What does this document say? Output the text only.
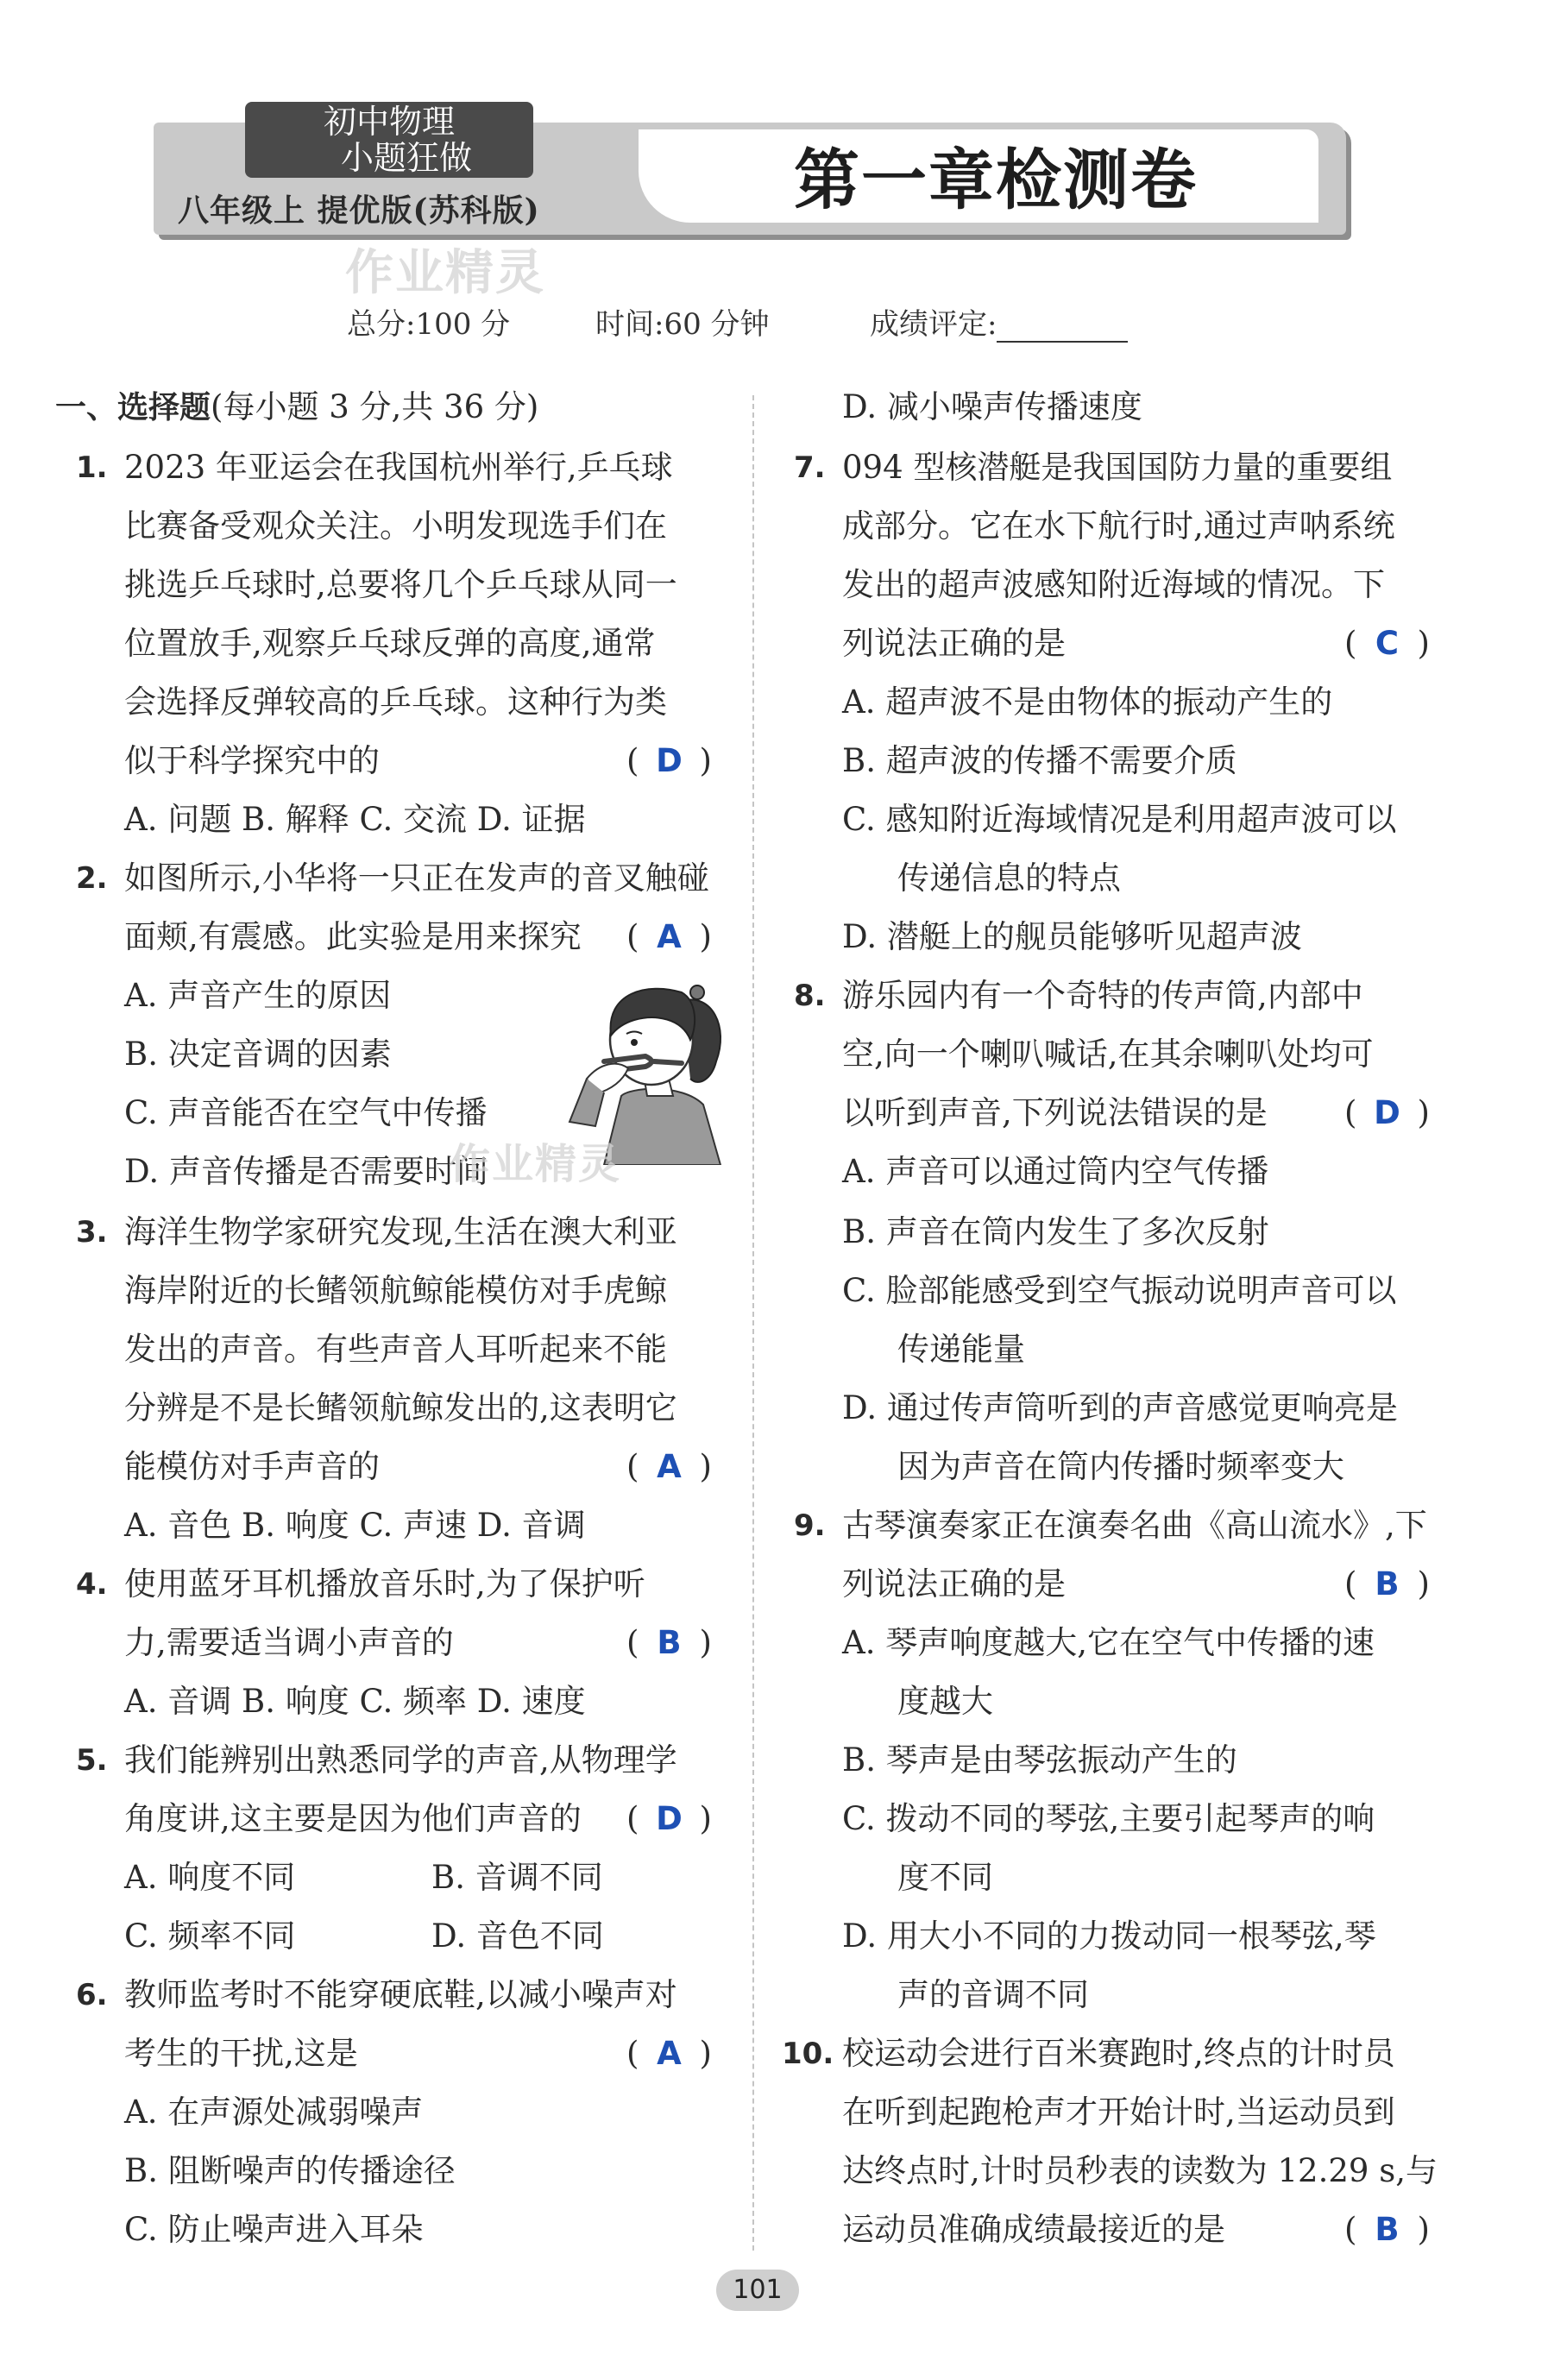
初中物理
小题狂做
八年级上 提优版(苏科版)	第一章检测卷
作业精灵
总分:100 分	时间:60 分钟	成绩评定:
一、选择题(每小题 3 分,共 36 分)
1. 2023 年亚运会在我国杭州举行,乒乓球
比赛备受观众关注。小明发现选手们在
挑选乒乓球时,总要将几个乒乓球从同一
位置放手,观察乒乓球反弹的高度,通常
会选择反弹较高的乒乓球。这种行为类
似于科学探究中的	( D )
A. 问题 B. 解释 C. 交流 D. 证据
2. 如图所示,小华将一只正在发声的音叉触碰
面颊,有震感。此实验是用来探究 ( A )
A. 声音产生的原因
B. 决定音调的因素
C. 声音能否在空气中传播
D. 声音传播是否需要时间
作业精灵
3. 海洋生物学家研究发现,生活在澳大利亚
海岸附近的长鳍领航鲸能模仿对手虎鲸
发出的声音。有些声音人耳听起来不能
分辨是不是长鳍领航鲸发出的,这表明它
能模仿对手声音的	( A )
A. 音色 B. 响度 C. 声速 D. 音调
4. 使用蓝牙耳机播放音乐时,为了保护听
力,需要适当调小声音的	( B )
A. 音调 B. 响度 C. 频率 D. 速度
5. 我们能辨别出熟悉同学的声音,从物理学
角度讲,这主要是因为他们声音的 ( D )
A. 响度不同	B. 音调不同
C. 频率不同	D. 音色不同
6. 教师监考时不能穿硬底鞋,以减小噪声对
考生的干扰,这是	( A )
A. 在声源处减弱噪声
B. 阻断噪声的传播途径
C. 防止噪声进入耳朵
D. 减小噪声传播速度
7. 094 型核潜艇是我国国防力量的重要组
成部分。它在水下航行时,通过声呐系统
发出的超声波感知附近海域的情况。下
列说法正确的是	( C )
A. 超声波不是由物体的振动产生的
B. 超声波的传播不需要介质
C. 感知附近海域情况是利用超声波可以
传递信息的特点
D. 潜艇上的舰员能够听见超声波
8. 游乐园内有一个奇特的传声筒,内部中
空,向一个喇叭喊话,在其余喇叭处均可
以听到声音,下列说法错误的是 ( D )
A. 声音可以通过筒内空气传播
B. 声音在筒内发生了多次反射
C. 脸部能感受到空气振动说明声音可以
传递能量
D. 通过传声筒听到的声音感觉更响亮是
因为声音在筒内传播时频率变大
9. 古琴演奏家正在演奏名曲《高山流水》,下
列说法正确的是	( B )
A. 琴声响度越大,它在空气中传播的速
度越大
B. 琴声是由琴弦振动产生的
C. 拨动不同的琴弦,主要引起琴声的响
度不同
D. 用大小不同的力拨动同一根琴弦,琴
声的音调不同
10. 校运动会进行百米赛跑时,终点的计时员
在听到起跑枪声才开始计时,当运动员到
达终点时,计时员秒表的读数为 12.29 s,与
运动员准确成绩最接近的是	( B )
101
